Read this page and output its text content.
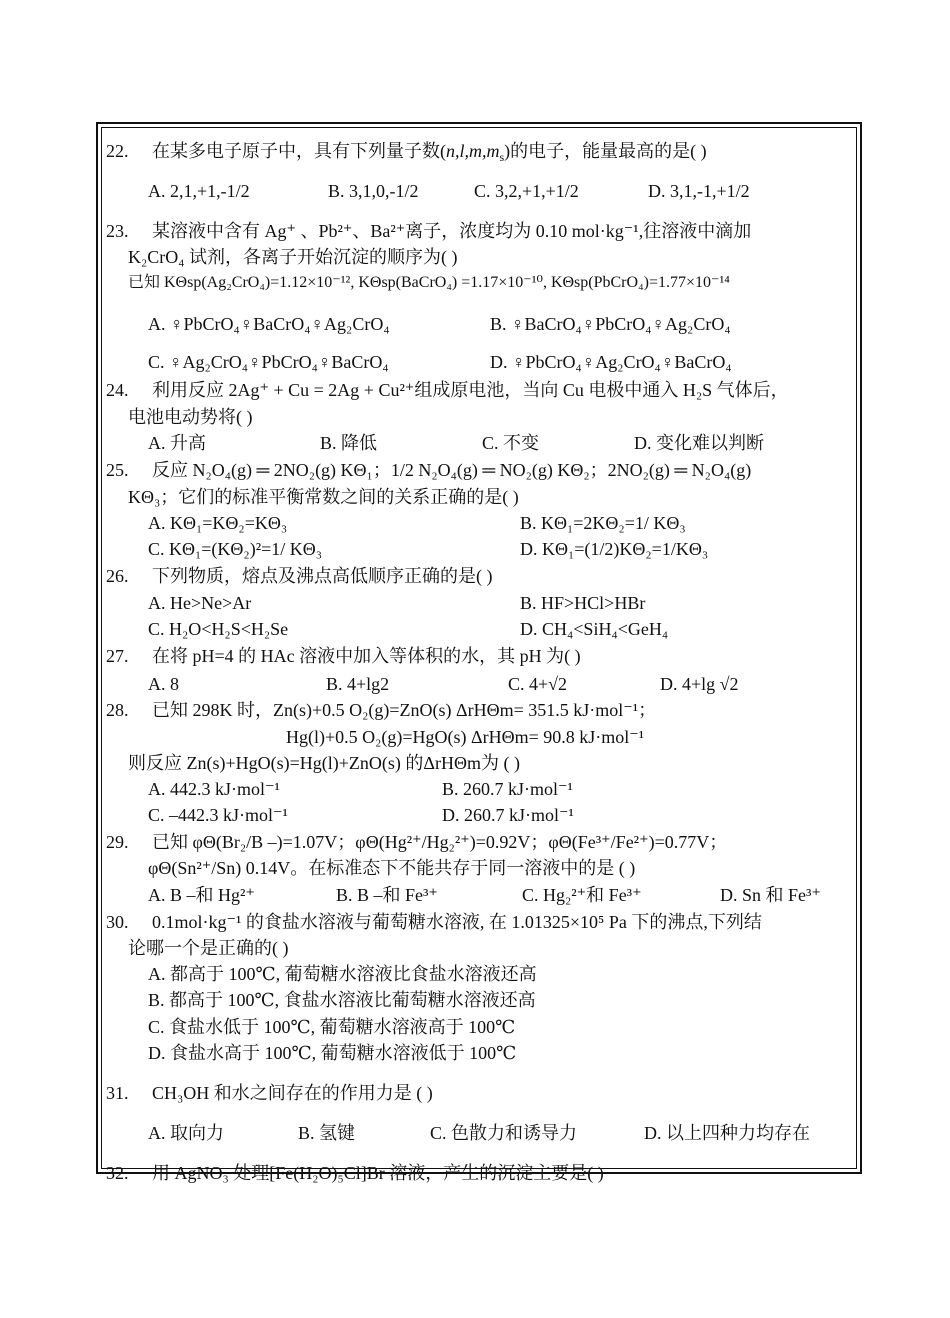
22. 在某多电子原子中，具有下列量子数$(n,l,m,m_s)$的电子，能量最高的是( )
A. 2,1,+1,-1/2	B. 3,1,0,-1/2	C. 3,2,+1,+1/2	D. 3,1,-1,+1/2
23. 某溶液中含有 Ag⁺ 、Pb²⁺、Ba²⁺离子，浓度均为 0.10 mol·kg⁻¹,往溶液中滴加
K₂CrO₄ 试剂，各离子开始沉淀的顺序为( )
已知 KΘsp(Ag₂CrO₄)=1.12×10⁻¹², KΘsp(BaCrO₄) =1.17×10⁻¹⁰, KΘsp(PbCrO₄)=1.77×10⁻¹⁴
A. ♀PbCrO₄♀BaCrO₄♀Ag₂CrO₄	B. ♀BaCrO₄♀PbCrO₄♀Ag₂CrO₄
C. ♀Ag₂CrO₄♀PbCrO₄♀BaCrO₄	D. ♀PbCrO₄♀Ag₂CrO₄♀BaCrO₄
24. 利用反应 2Ag⁺ + Cu = 2Ag + Cu²⁺组成原电池，当向 Cu 电极中通入 H₂S 气体后，
电池电动势将( )
A. 升高	B. 降低	C. 不变	D. 变化难以判断
25. 反应 N₂O₄(g) ═ 2NO₂(g) KΘ₁；1/2 N₂O₄(g) ═ NO₂(g) KΘ₂；2NO₂(g) ═ N₂O₄(g)
KΘ₃；它们的标准平衡常数之间的关系正确的是( )
A. KΘ₁=KΘ₂=KΘ₃	B. KΘ₁=2KΘ₂=1/ KΘ₃
C. KΘ₁=(KΘ₂)²=1/ KΘ₃	D. KΘ₁=(1/2)KΘ₂=1/KΘ₃
26. 下列物质，熔点及沸点高低顺序正确的是( )
A. He>Ne>Ar	B. HF>HCl>HBr
C. H₂O<H₂S<H₂Se	D. CH₄<SiH₄<GeH₄
27. 在将 pH=4 的 HAc 溶液中加入等体积的水，其 pH 为( )
A. 8	B. 4+lg2	C. 4+√2	D. 4+lg √2
28. 已知 298K 时，Zn(s)+0.5 O₂(g)=ZnO(s) ΔrHΘm= 351.5 kJ·mol⁻¹；
Hg(l)+0.5 O₂(g)=HgO(s) ΔrHΘm= 90.8 kJ·mol⁻¹
则反应 Zn(s)+HgO(s)=Hg(l)+ZnO(s) 的ΔrHΘm为 ( )
A. 442.3 kJ·mol⁻¹	B. 260.7 kJ·mol⁻¹
C. –442.3 kJ·mol⁻¹	D. 260.7 kJ·mol⁻¹
29. 已知 φΘ(Br₂/B –)=1.07V；φΘ(Hg²⁺/Hg₂²⁺)=0.92V；φΘ(Fe³⁺/Fe²⁺)=0.77V；
φΘ(Sn²⁺/Sn) 0.14V。在标准态下不能共存于同一溶液中的是 ( )
A. B –和 Hg²⁺	B. B –和 Fe³⁺	C. Hg₂²⁺和 Fe³⁺	D. Sn 和 Fe³⁺
30. 0.1mol·kg⁻¹ 的食盐水溶液与葡萄糖水溶液, 在 1.01325×10⁵ Pa 下的沸点,下列结
论哪一个是正确的( )
A. 都高于 100℃, 葡萄糖水溶液比食盐水溶液还高
B. 都高于 100℃, 食盐水溶液比葡萄糖水溶液还高
C. 食盐水低于 100℃, 葡萄糖水溶液高于 100℃
D. 食盐水高于 100℃, 葡萄糖水溶液低于 100℃
31. CH₃OH 和水之间存在的作用力是 ( )
A. 取向力	B. 氢键	C. 色散力和诱导力	D. 以上四种力均存在
32. 用 AgNO₃ 处理[Fe(H₂O)₅Cl]Br 溶液，产生的沉淀主要是( )
